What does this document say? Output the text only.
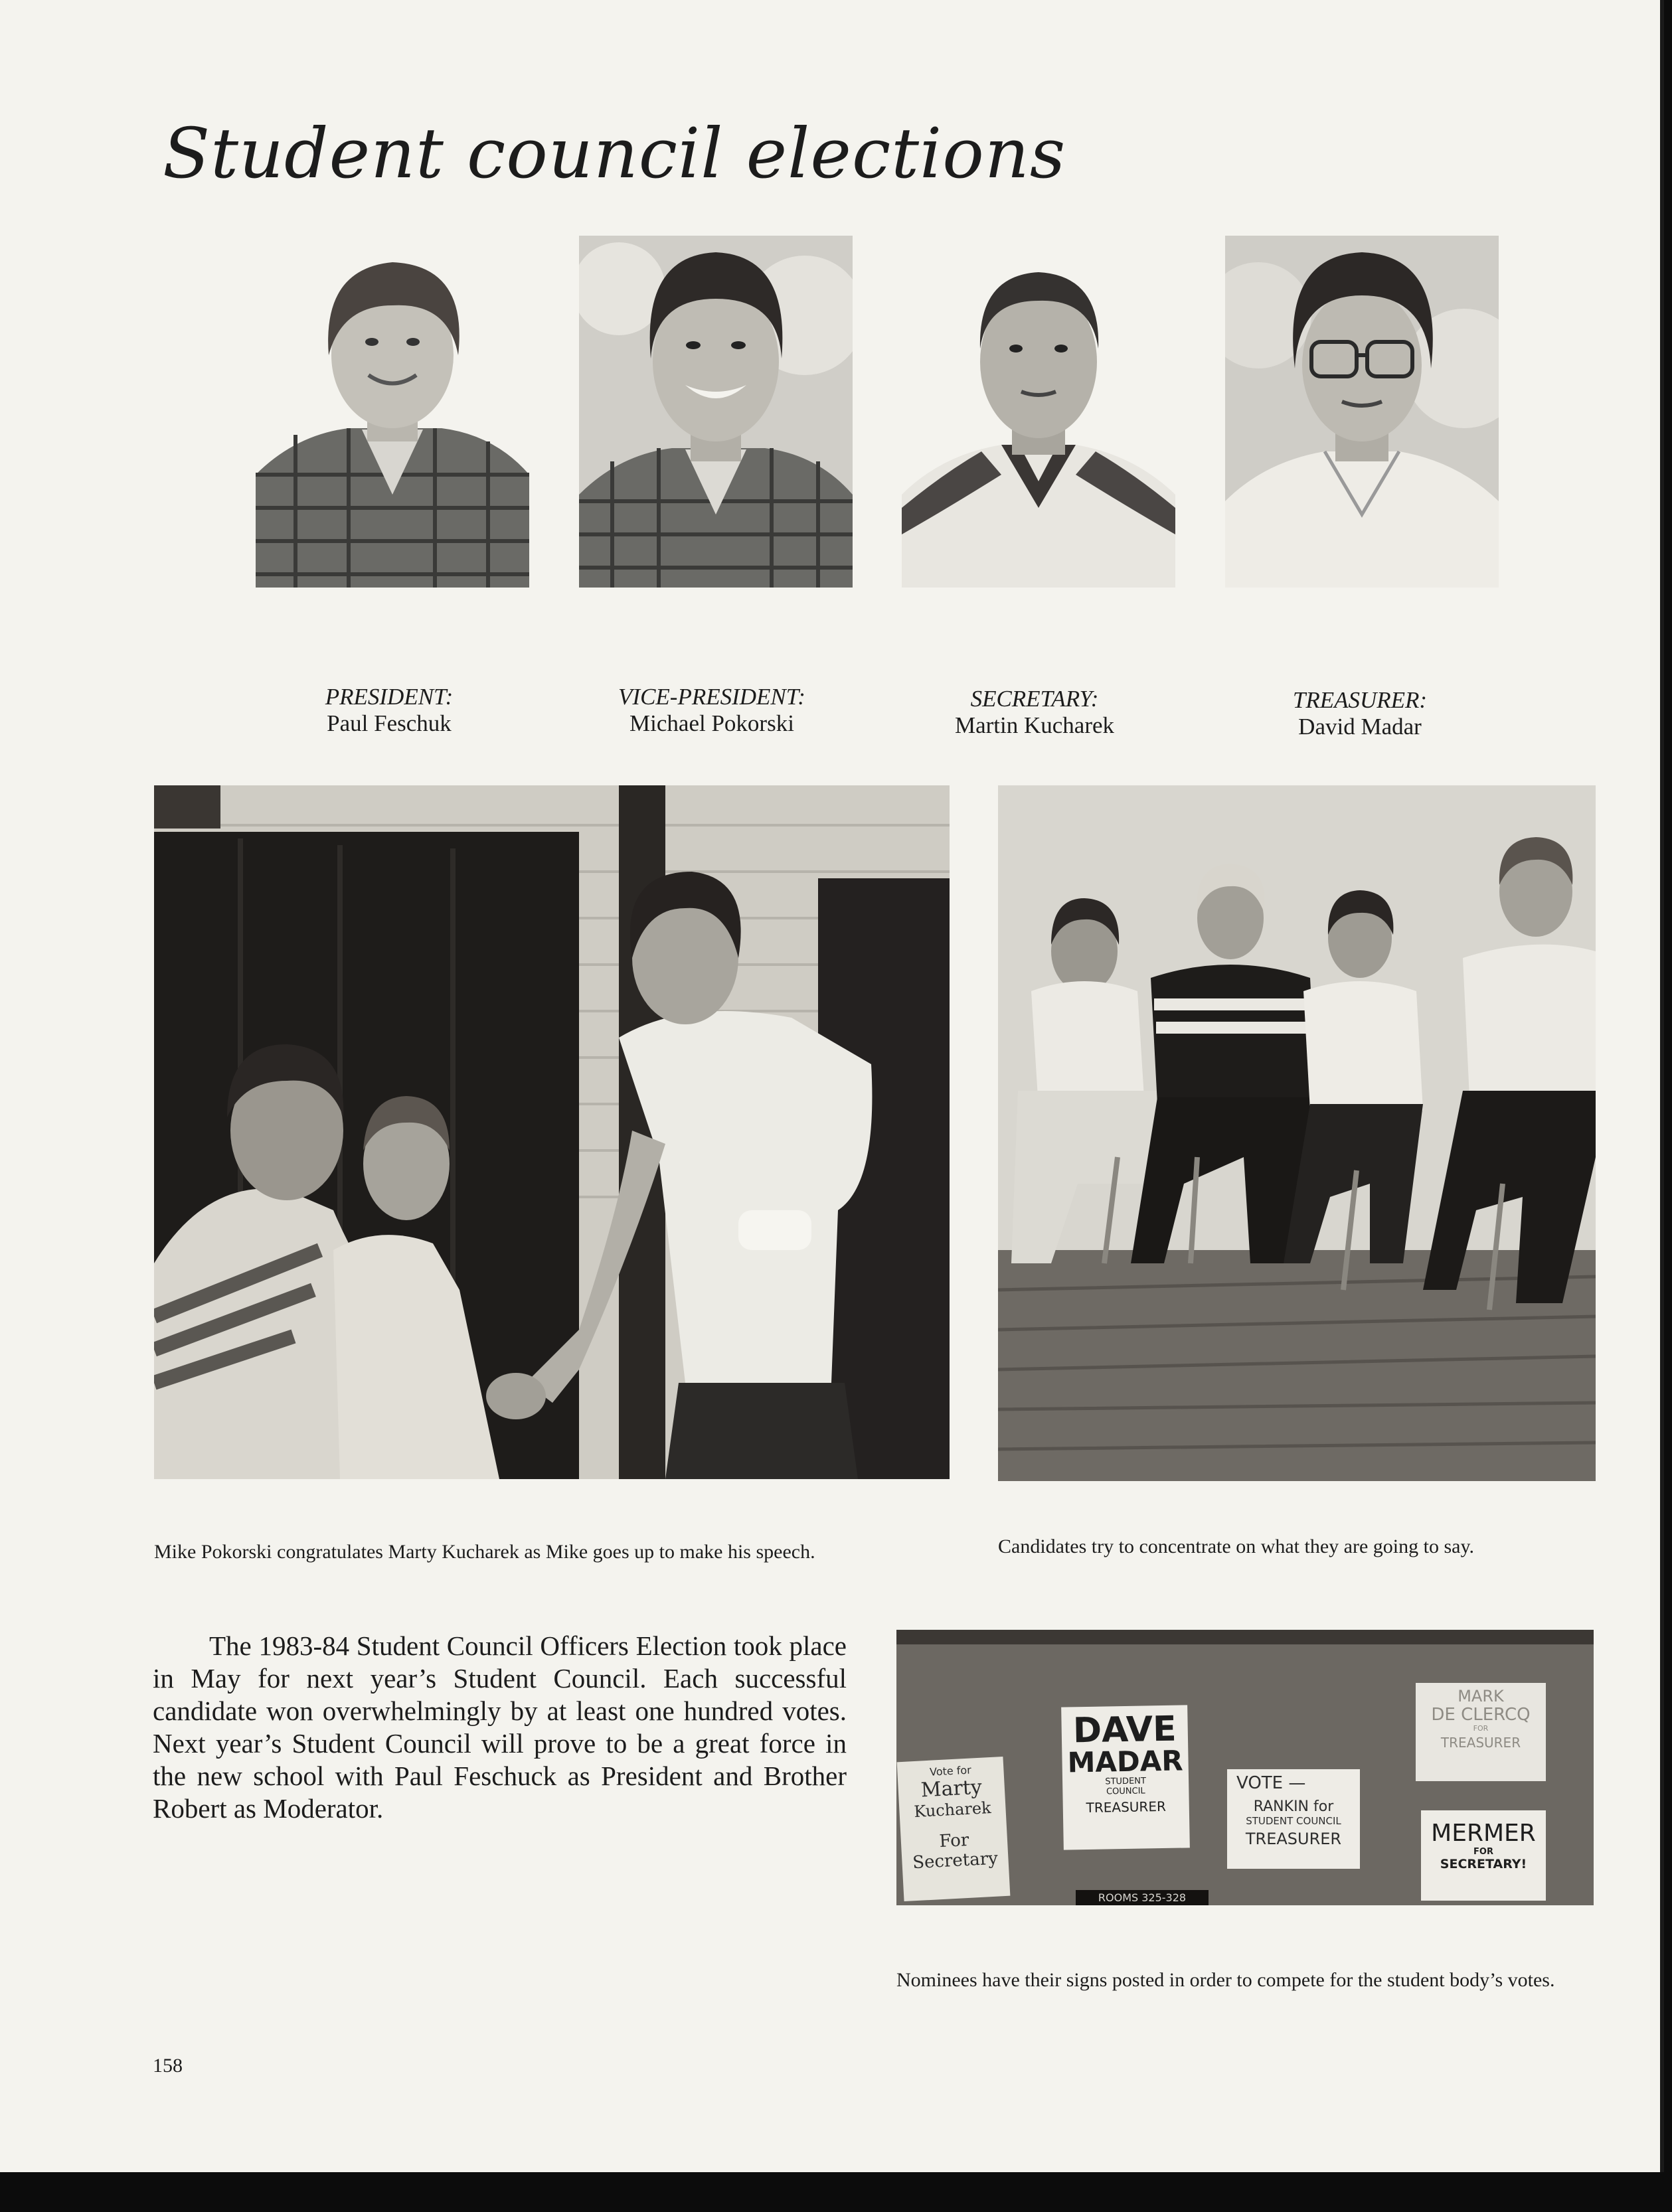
Student council elections
PRESIDENT:
Paul Feschuk
VICE-PRESIDENT:
Michael Pokorski
SECRETARY:
Martin Kucharek
TREASURER:
David Madar

Mike Pokorski congratulates Marty Kucharek as Mike goes up to make his speech.	Candidates try to concentrate on what they are going to say.

The 1983-84 Student Council Officers Election took place in May for next year’s Student Council. Each successful candidate won overwhelmingly by at least one hundred votes. Next year’s Student Council will prove to be a great force in the new school with Paul Feschuck as President and Brother Robert as Moderator.

Vote for
Marty
Kucharek
For
Secretary
DAVE
MADAR
STUDENT
COUNCIL
TREASURER
VOTE —
RANKIN for
STUDENT COUNCIL
TREASURER
MARK
DE CLERCQ
FOR
TREASURER
MERMER
FOR
SECRETARY!
ROOMS 325-328

Nominees have their signs posted in order to compete for the student body’s votes.

158
